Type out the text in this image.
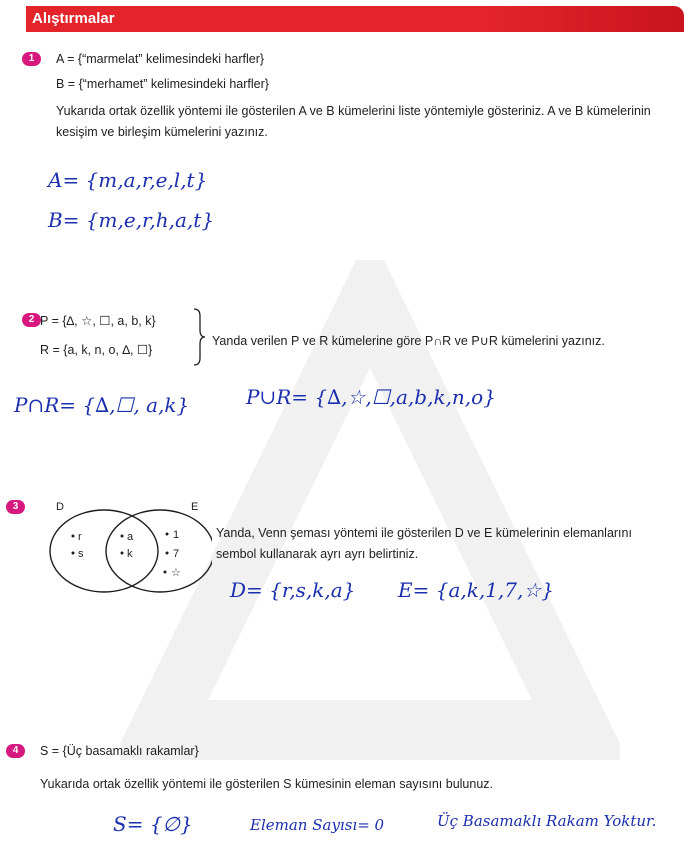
Alıştırmalar
1	A = {“marmelat” kelimesindeki harfler}
B = {“merhamet” kelimesindeki harfler}
Yukarıda ortak özellik yöntemi ile gösterilen A ve B kümelerini liste yöntemiyle gösteriniz. A ve B kümelerinin kesişim ve birleşim kümelerini yazınız.
A= {m,a,r,e,l,t}
B= {m,e,r,h,a,t}
2 P = {∆, ☆, ☐, a, b, k}
R = {a, k, n, o, ∆, ☐}
Yanda verilen P ve R kümelerine göre P∩R ve P∪R kümelerini yazınız.
P∩R= {∆,☐, a,k}	P∪R= {∆,☆,☐,a,b,k,n,o}
3	D	E
r
s
a
k
1
7
☆
Yanda, Venn şeması yöntemi ile gösterilen D ve E kümelerinin elemanlarını sembol kullanarak ayrı ayrı belirtiniz.
D= {r,s,k,a} E= {a,k,1,7,☆}
4	S = {Üç basamaklı rakamlar}
Yukarıda ortak özellik yöntemi ile gösterilen S kümesinin eleman sayısını bulunuz.
S= {∅}	Eleman Sayısı= 0	Üç Basamaklı Rakam Yoktur.
